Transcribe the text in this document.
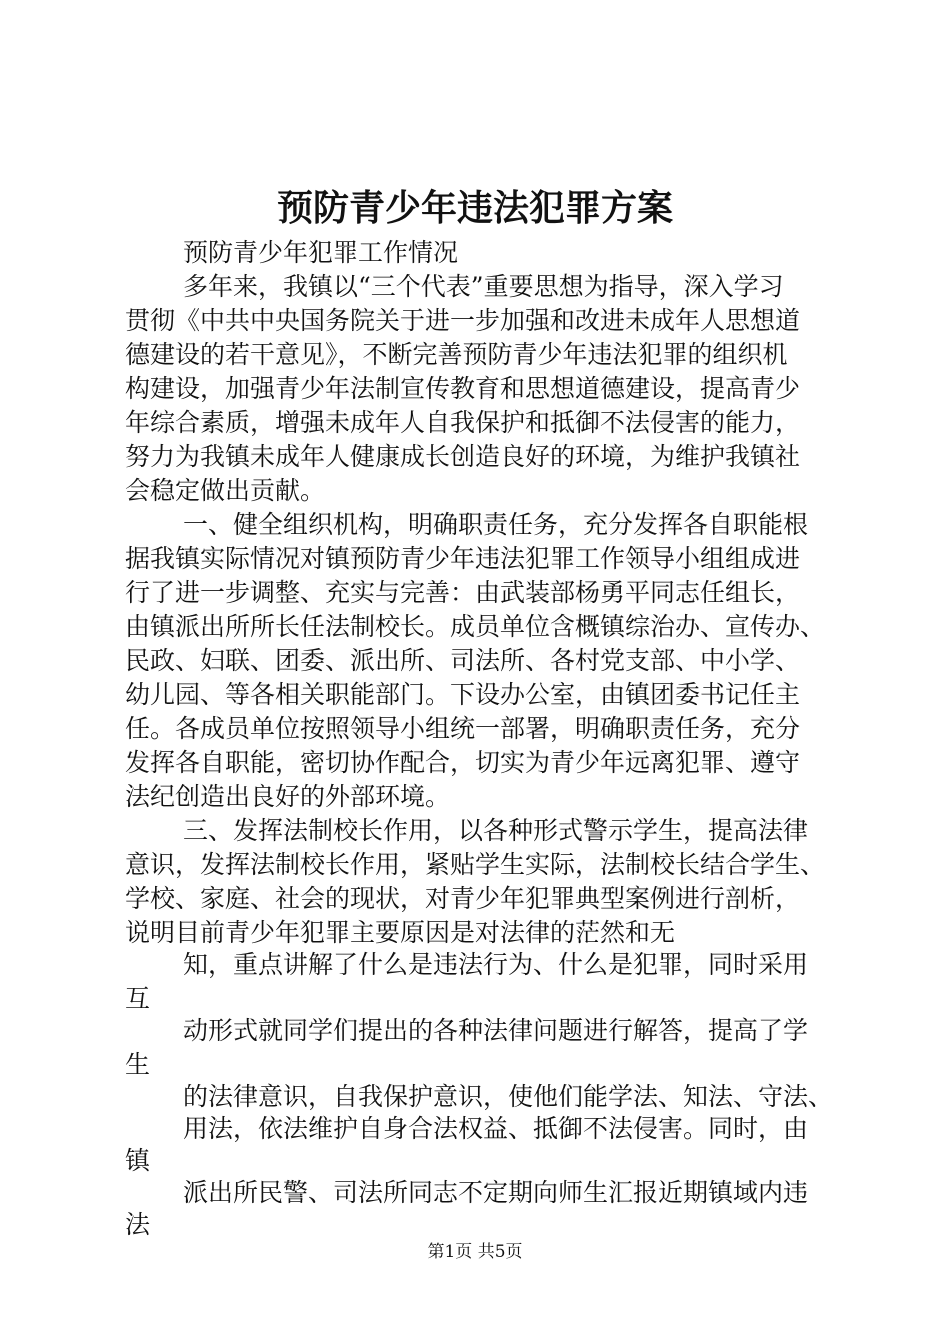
预防青少年违法犯罪方案

预防青少年犯罪工作情况

多年来，我镇以“三个代表”重要思想为指导，深入学习

贯彻《中共中央国务院关于进一步加强和改进未成年人思想道

德建设的若干意见》，不断完善预防青少年违法犯罪的组织机

构建设，加强青少年法制宣传教育和思想道德建设，提高青少

年综合素质，增强未成年人自我保护和抵御不法侵害的能力，

努力为我镇未成年人健康成长创造良好的环境，为维护我镇社

会稳定做出贡献。

一、健全组织机构，明确职责任务，充分发挥各自职能根

据我镇实际情况对镇预防青少年违法犯罪工作领导小组组成进

行了进一步调整、充实与完善：由武装部杨勇平同志任组长，

由镇派出所所长任法制校长。成员单位含概镇综治办、宣传办、

民政、妇联、团委、派出所、司法所、各村党支部、中小学、

幼儿园、等各相关职能部门。下设办公室，由镇团委书记任主

任。各成员单位按照领导小组统一部署，明确职责任务，充分

发挥各自职能，密切协作配合，切实为青少年远离犯罪、遵守

法纪创造出良好的外部环境。

三、发挥法制校长作用，以各种形式警示学生，提高法律

意识，发挥法制校长作用，紧贴学生实际，法制校长结合学生、

学校、家庭、社会的现状，对青少年犯罪典型案例进行剖析，

说明目前青少年犯罪主要原因是对法律的茫然和无

知，重点讲解了什么是违法行为、什么是犯罪，同时采用

互

动形式就同学们提出的各种法律问题进行解答，提高了学

生

的法律意识，自我保护意识，使他们能学法、知法、守法、

用法，依法维护自身合法权益、抵御不法侵害。同时，由

镇

派出所民警、司法所同志不定期向师生汇报近期镇域内违

法

第1页 共5页
